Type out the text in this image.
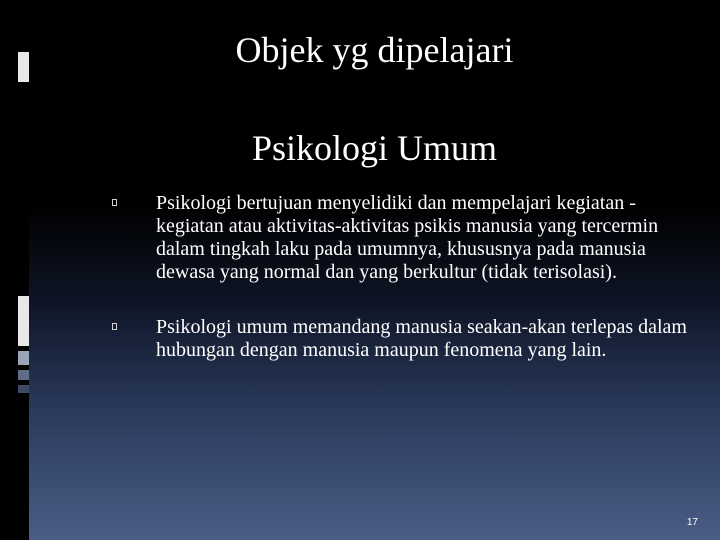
Objek yg dipelajari
Psikologi Umum
Psikologi bertujuan menyelidiki dan mempelajari kegiatan -kegiatan atau aktivitas-aktivitas psikis manusia yang tercermin dalam tingkah laku pada umumnya, khususnya pada manusia dewasa yang normal dan yang berkultur (tidak terisolasi).
Psikologi umum memandang manusia seakan-akan terlepas dalam hubungan dengan manusia maupun fenomena yang lain.
17
